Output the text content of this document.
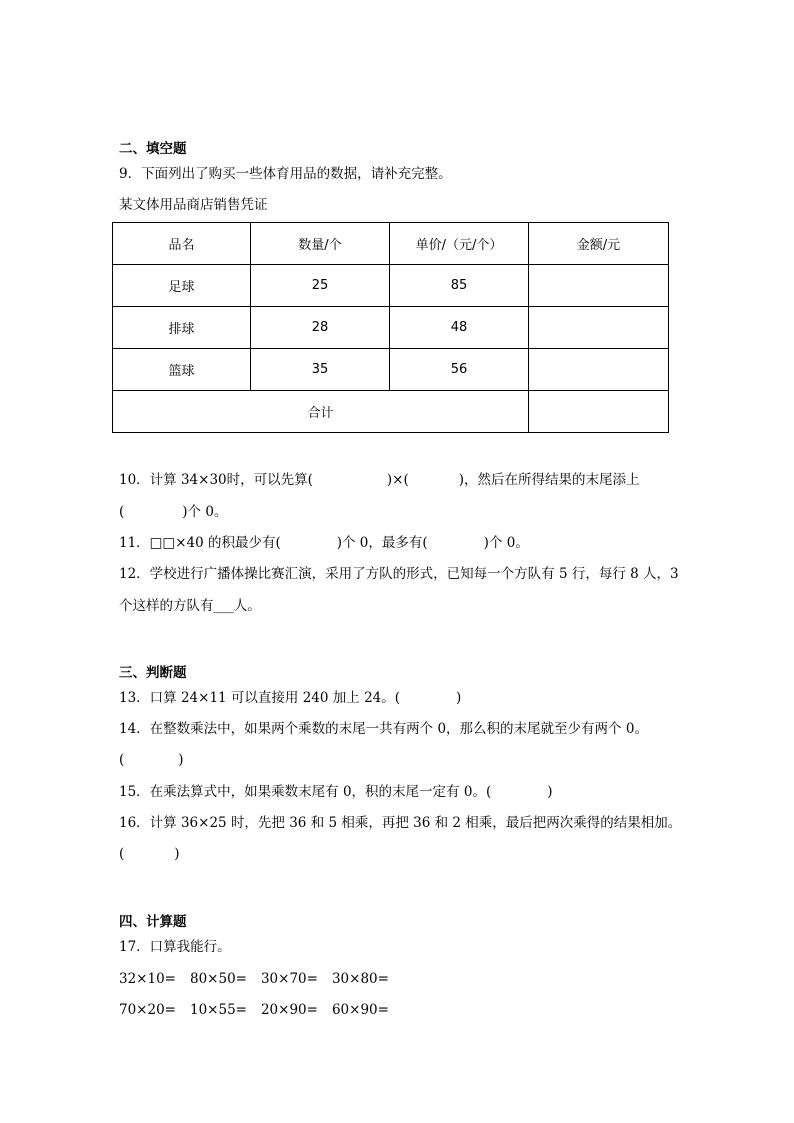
二、填空题
9．下面列出了购买一些体育用品的数据，请补充完整。
某文体用品商店销售凭证
品名	数量/个	单价/（元/个）	金额/元
足球	25	85	
排球	28	48	
篮球	35	56	
合计			
10．计算 34×30时，可以先算(	)×(	)，然后在所得结果的末尾添上
(	)个 0。
11．□□×40 的积最少有(	)个 0，最多有(	)个 0。
12．学校进行广播体操比赛汇演，采用了方队的形式，已知每一个方队有 5 行，每行 8 人，3
个这样的方队有___人。
三、判断题
13．口算 24×11 可以直接用 240 加上 24。(	)
14．在整数乘法中，如果两个乘数的末尾一共有两个 0，那么积的末尾就至少有两个 0。
(	)
15．在乘法算式中，如果乘数末尾有 0，积的末尾一定有 0。(	)
16．计算 36×25 时，先把 36 和 5 相乘，再把 36 和 2 相乘，最后把两次乘得的结果相加。
(	)
四、计算题
17．口算我能行。
32×10= 80×50= 30×70= 30×80=
70×20= 10×55= 20×90= 60×90=
